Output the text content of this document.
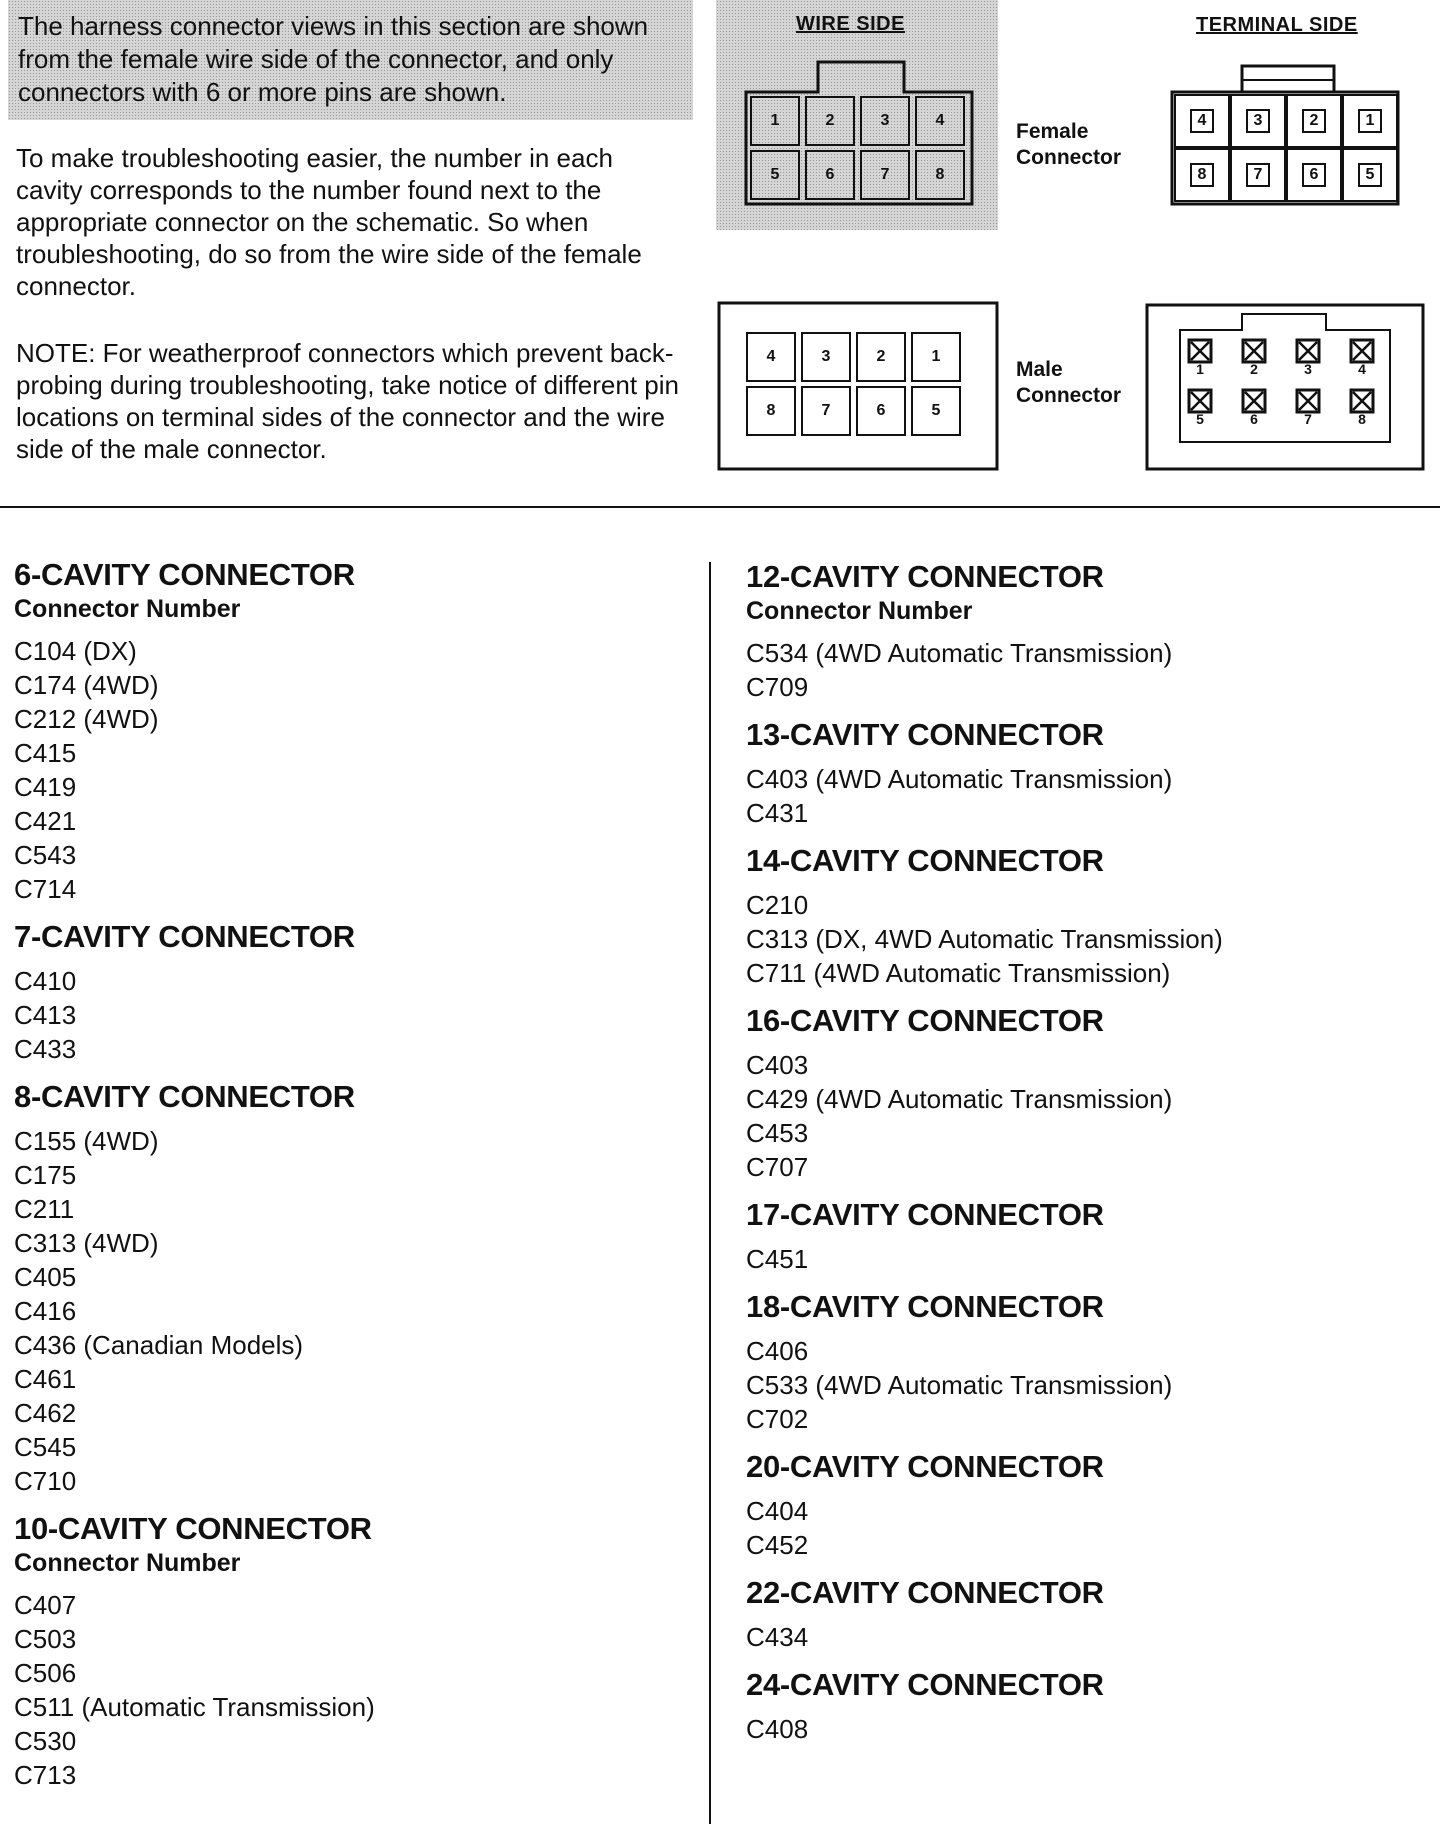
The harness connector views in this section are shown from the female wire side of the connector, and only connectors with 6 or more pins are shown.
To make troubleshooting easier, the number in each cavity corresponds to the number found next to the appropriate connector on the schematic. So when troubleshooting, do so from the wire side of the female connector.
NOTE: For weatherproof connectors which prevent back-probing during troubleshooting, take notice of different pin locations on terminal sides of the connector and the wire side of the male connector.
WIRE SIDE
1	2	3	4
5	6	7	8
Female
Connector
TERMINAL SIDE
4	3	2	1
8	7	6	5
4	3	2	1
8	7	6	5
Male
Connector
1	2	3	4
5	6	7	8
6-CAVITY CONNECTOR
Connector Number
C104 (DX)
C174 (4WD)
C212 (4WD)
C415
C419
C421
C543
C714
7-CAVITY CONNECTOR
C410
C413
C433
8-CAVITY CONNECTOR
C155 (4WD)
C175
C211
C313 (4WD)
C405
C416
C436 (Canadian Models)
C461
C462
C545
C710
10-CAVITY CONNECTOR
Connector Number
C407
C503
C506
C511 (Automatic Transmission)
C530
C713
12-CAVITY CONNECTOR
Connector Number
C534 (4WD Automatic Transmission)
C709
13-CAVITY CONNECTOR
C403 (4WD Automatic Transmission)
C431
14-CAVITY CONNECTOR
C210
C313 (DX, 4WD Automatic Transmission)
C711 (4WD Automatic Transmission)
16-CAVITY CONNECTOR
C403
C429 (4WD Automatic Transmission)
C453
C707
17-CAVITY CONNECTOR
C451
18-CAVITY CONNECTOR
C406
C533 (4WD Automatic Transmission)
C702
20-CAVITY CONNECTOR
C404
C452
22-CAVITY CONNECTOR
C434
24-CAVITY CONNECTOR
C408
